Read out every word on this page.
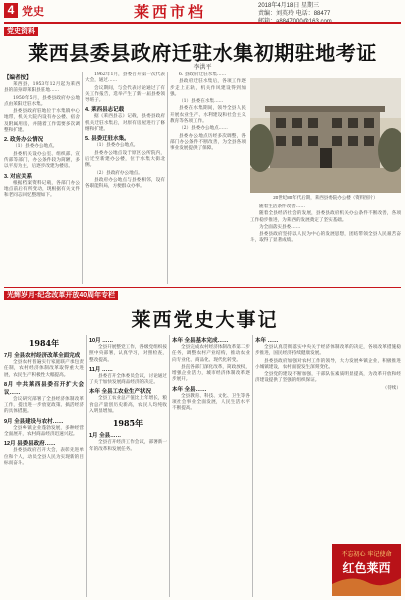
4 党史	莱西市档	2018年4月18日 星期三
责编：刘英玲 电话：88477
党史资料
莱西县委县政府迁驻水集初期驻地考证
李洪平

【编者按】

莱西县，1953年12月起为莱西县的前身即莱阳县驻地……

1950年5月，县委县政府办公地点由莱阳迁驻水集。

县委县政府驻地位于水集镇中心地带，机关大院内设有办公楼、宿舍及附属用房，并随着工作需要多次调整和扩建。

2. 政务办公情况

（1）县委办公地点。

县委机关设办公室、组织部、宣传部等部门，办公条件较为简陋，多以平房为主，后逐步改建为楼房。

3. 对应关系

根据档案资料记载，各部门办公地点前后有所变动，现根据有关文件和老同志回忆整理如下。

1962年1月，县委召开第一次代表大会，通过……

会议期间，与会代表讨论通过了有关工作报告，选举产生了新一届县委领导班子。

4. 莱西县志记载

据《莱西县志》记载，县委县政府机关迁驻水集后，对原有房屋进行了修缮和扩建。

5. 县委迁驻水集。

（1）县委办公地点。

县委办公地点设于原区公所院内，后迁至新建办公楼，位于水集大街北侧。

（2）县政府办公地点。

县政府办公地点与县委相邻，设有各职能科局，方便群众办事。

6. 县政府迁驻水集……

县政府迁驻水集后，各项工作逐步走上正轨，机关作风建设得到加强。

（1）县委在水集……

县委在水集期间，领导全县人民开展农业生产、水利建设和社会主义教育等各项工作。

（2）县委办公地点……

县委办公地点历经多次调整，各部门办公条件不断改善，为全县各项事业发展提供了保障。

20世纪80年代后期，莱西县委院办公楼（资料图片）

随着生活条件改善……

随着全县经济社会的发展，县委县政府机关办公条件不断改善，各项工作稳步推进，为莱西的发展奠定了坚实基础。

为全面落实县委……

县委县政府坚持以人民为中心的发展思想，团结带领全县人民艰苦奋斗，取得了显著成绩。

光辉岁月·纪念改革开放40周年专栏
莱西党史大事记
1984年
7月 全县农村经济改革全面完成

全县农村普遍实行家庭联产承包责任制，农村经济体制改革取得重大进展，农民生产积极性大幅提高。

8月 中共莱西县委召开扩大会议……

会议研究部署了全县经济体制改革工作，提出进一步放宽政策、搞活经济的具体措施。

9月 全县建设与农村……

全县乡镇企业蓬勃发展，多种经营全面展开，农村商品经济迅速兴起。

12月 县委县政府……

县委县政府召开大会，表彰先进单位和个人，动员全县人民为实现新的目标而奋斗。

10月 ……

全县开展整党工作，各级党组织按照中央部署，认真学习，对照检查，整改提高。

11月 ……

县委召开全体委员会议，讨论通过了关于加快发展商品经济的决定。

本年 全县工农业生产状况

全县工农业总产值比上年增长，粮食总产量创历史新高，农民人均纯收入明显增加。

1985年
1月 全县……

全县召开经济工作会议，部署新一年的改革和发展任务。

本年 全县基本完成……

全县完成农村经济体制改革第二步任务，调整农村产业结构，推动农业向专业化、商品化、现代化转变。

县直各部门深化改革，简政放权，增强企业活力，城市经济体制改革逐步展开。

本年 全县……

全县教育、科技、文化、卫生等各项社会事业全面发展，人民生活水平不断提高。

本年 ……

全县认真贯彻落实中央关于经济体制改革的决定，各项改革措施稳步推进，国民经济持续健康发展。

县委县政府加强对农村工作的领导，大力发展乡镇企业，积极推进小城镇建设，农村面貌发生深刻变化。

全县党的建设不断加强，干部队伍素质明显提高，为改革开放和经济建设提供了坚强的组织保证。

（待续）

不忘初心 牢记使命
红色莱西
